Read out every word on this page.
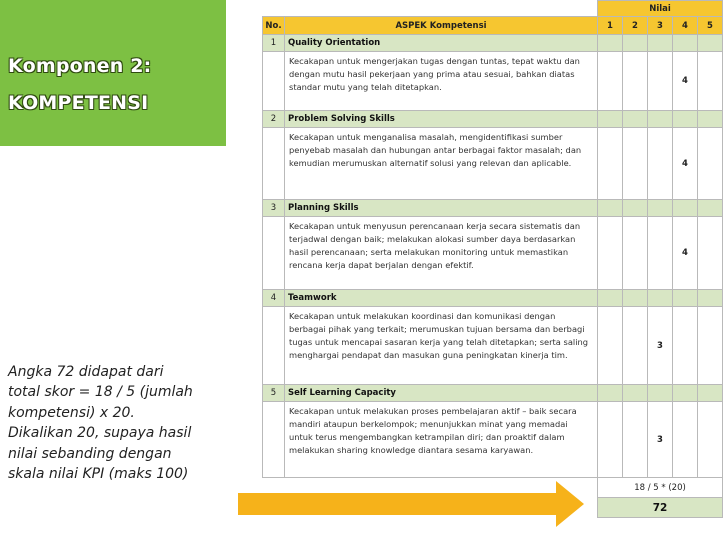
Komponen 2:
KOMPETENSI
Angka 72 didapat dari
total skor = 18 / 5 (jumlah
kompetensi) x 20.
Dikalikan 20, supaya hasil
nilai sebanding dengan
skala nilai KPI (maks 100)
		Nilai				
No.	ASPEK Kompetensi	1	2	3	4	5
1	Quality Orientation					
	Kecakapan untuk mengerjakan tugas dengan tuntas, tepat waktu dan dengan mutu hasil pekerjaan yang prima atau sesuai, bahkan diatas standar mutu yang telah ditetapkan.				4	
2	Problem Solving Skills					
	Kecakapan untuk menganalisa masalah, mengidentifikasi sumber penyebab masalah dan hubungan antar berbagai faktor masalah; dan kemudian merumuskan alternatif solusi yang relevan dan aplicable.				4	
3	Planning Skills					
	Kecakapan untuk menyusun perencanaan kerja secara sistematis dan terjadwal dengan baik; melakukan alokasi sumber daya berdasarkan hasil perencanaan; serta melakukan monitoring untuk memastikan rencana kerja dapat berjalan dengan efektif.				4	
4	Teamwork					
	Kecakapan untuk melakukan koordinasi dan komunikasi dengan berbagai pihak yang terkait; merumuskan tujuan bersama dan berbagi tugas untuk mencapai sasaran kerja yang telah ditetapkan; serta saling menghargai pendapat dan masukan guna peningkatan kinerja tim.			3		
5	Self Learning Capacity					
	Kecakapan untuk melakukan proses pembelajaran aktif – baik secara mandiri ataupun berkelompok; menunjukkan minat yang memadai untuk terus mengembangkan ketrampilan diri; dan proaktif dalam melakukan sharing knowledge diantara sesama karyawan.			3		
		18 / 5 * (20)				
		72				
